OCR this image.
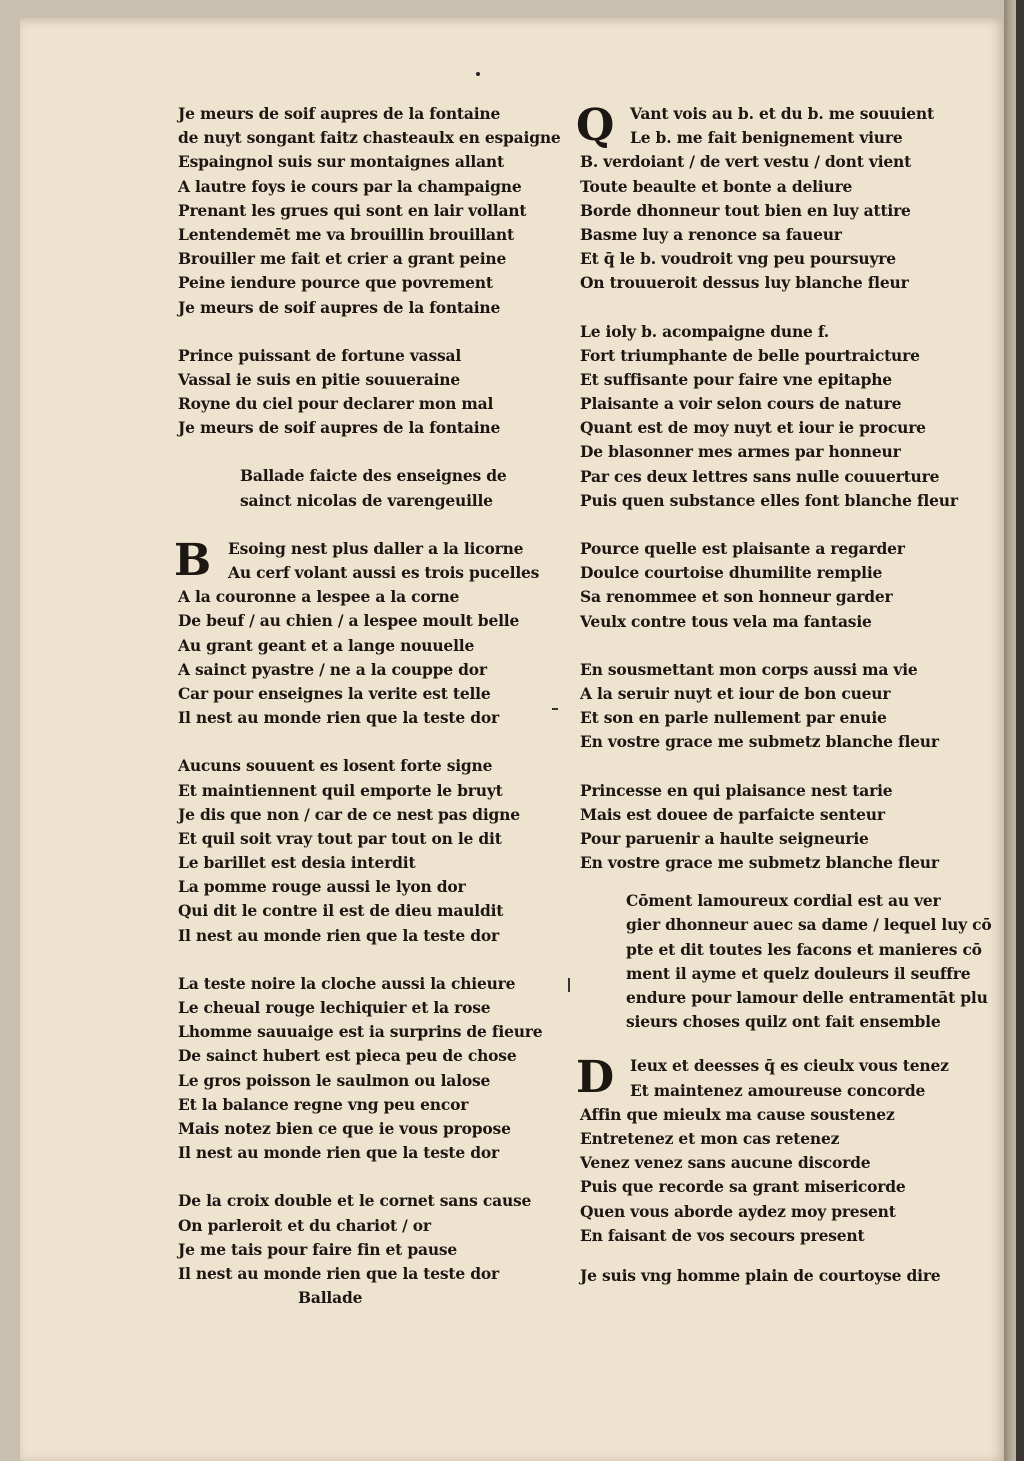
Je meurs de soif aupres de la fontaine
de nuyt songant faitz chasteaulx en espaigne
Espaingnol suis sur montaignes allant
A lautre foys ie cours par la champaigne
Prenant les grues qui sont en lair vollant
Lentendemēt me va brouillin brouillant
Brouiller me fait et crier a grant peine
Peine iendure pource que povrement
Je meurs de soif aupres de la fontaine
Prince puissant de fortune vassal
Vassal ie suis en pitie souueraine
Royne du ciel pour declarer mon mal
Je meurs de soif aupres de la fontaine
Ballade faicte des enseignes de
sainct nicolas de varengeuille
B	Esoing nest plus daller a la licorne
Au cerf volant aussi es trois pucelles
A la couronne a lespee a la corne
De beuf / au chien / a lespee moult belle
Au grant geant et a lange nouuelle
A sainct pyastre / ne a la couppe dor
Car pour enseignes la verite est telle
Il nest au monde rien que la teste dor
Aucuns souuent es losent forte signe
Et maintiennent quil emporte le bruyt
Je dis que non / car de ce nest pas digne
Et quil soit vray tout par tout on le dit
Le barillet est desia interdit
La pomme rouge aussi le lyon dor
Qui dit le contre il est de dieu mauldit
Il nest au monde rien que la teste dor
La teste noire la cloche aussi la chieure
Le cheual rouge lechiquier et la rose
Lhomme sauuaige est ia surprins de fieure
De sainct hubert est pieca peu de chose
Le gros poisson le saulmon ou lalose
Et la balance regne vng peu encor
Mais notez bien ce que ie vous propose
Il nest au monde rien que la teste dor
De la croix double et le cornet sans cause
On parleroit et du chariot / or
Je me tais pour faire fin et pause
Il nest au monde rien que la teste dor
Ballade
Q	Vant vois au b. et du b. me souuient
Le b. me fait benignement viure
B. verdoiant / de vert vestu / dont vient
Toute beaulte et bonte a deliure
Borde dhonneur tout bien en luy attire
Basme luy a renonce sa faueur
Et q̄ le b. voudroit vng peu poursuyre
On trouueroit dessus luy blanche fleur
Le ioly b. acompaigne dune f.
Fort triumphante de belle pourtraicture
Et suffisante pour faire vne epitaphe
Plaisante a voir selon cours de nature
Quant est de moy nuyt et iour ie procure
De blasonner mes armes par honneur
Par ces deux lettres sans nulle couuerture
Puis quen substance elles font blanche fleur
Pource quelle est plaisante a regarder
Doulce courtoise dhumilite remplie
Sa renommee et son honneur garder
Veulx contre tous vela ma fantasie
En sousmettant mon corps aussi ma vie
A la seruir nuyt et iour de bon cueur
Et son en parle nullement par enuie
En vostre grace me submetz blanche fleur
Princesse en qui plaisance nest tarie
Mais est douee de parfaicte senteur
Pour paruenir a haulte seigneurie
En vostre grace me submetz blanche fleur
Cōment lamoureux cordial est au ver
gier dhonneur auec sa dame / lequel luy cō
pte et dit toutes les facons et manieres cō
ment il ayme et quelz douleurs il seuffre
endure pour lamour delle entramentāt plu
sieurs choses quilz ont fait ensemble
D	Ieux et deesses q̄ es cieulx vous tenez
Et maintenez amoureuse concorde
Affin que mieulx ma cause soustenez
Entretenez et mon cas retenez
Venez venez sans aucune discorde
Puis que recorde sa grant misericorde
Quen vous aborde aydez moy present
En faisant de vos secours present
Je suis vng homme plain de courtoyse dire
